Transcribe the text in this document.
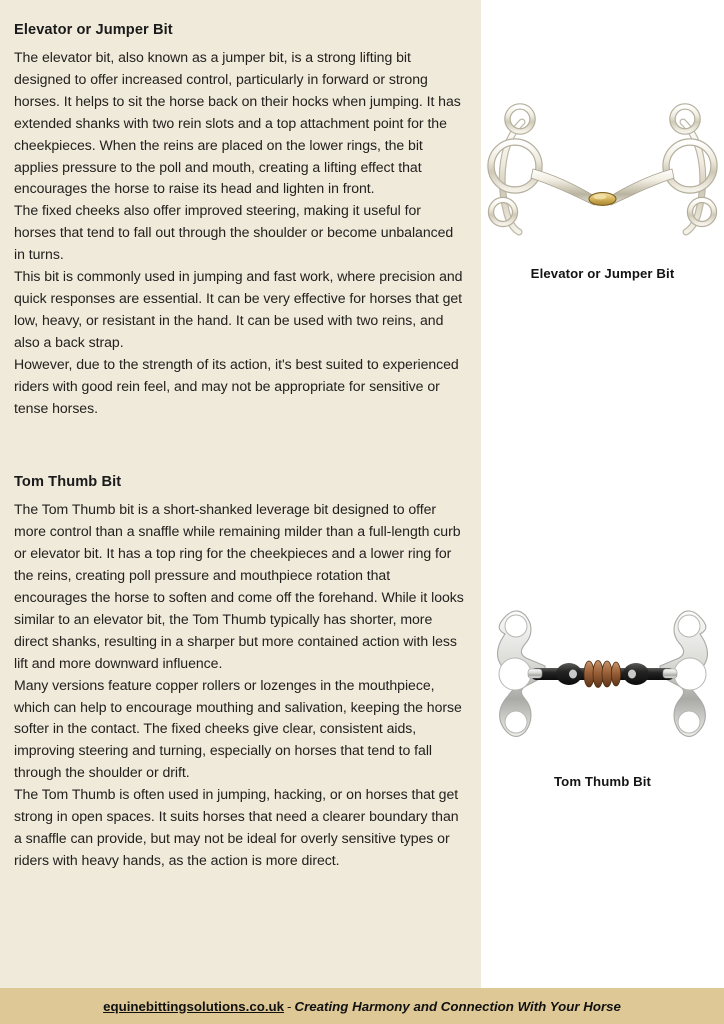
Elevator or Jumper Bit

The elevator bit, also known as a jumper bit, is a strong lifting bit designed to offer increased control, particularly in forward or strong horses. It helps to sit the horse back on their hocks when jumping. It has extended shanks with two rein slots and a top attachment point for the cheekpieces. When the reins are placed on the lower rings, the bit applies pressure to the poll and mouth, creating a lifting effect that encourages the horse to raise its head and lighten in front.

The fixed cheeks also offer improved steering, making it useful for horses that tend to fall out through the shoulder or become unbalanced in turns.

This bit is commonly used in jumping and fast work, where precision and quick responses are essential. It can be very effective for horses that get low, heavy, or resistant in the hand. It can be used with two reins, and also a back strap.

However, due to the strength of its action, it's best suited to experienced riders with good rein feel, and may not be appropriate for sensitive or tense horses.

Tom Thumb Bit

The Tom Thumb bit is a short-shanked leverage bit designed to offer more control than a snaffle while remaining milder than a full-length curb or elevator bit. It has a top ring for the cheekpieces and a lower ring for the reins, creating poll pressure and mouthpiece rotation that encourages the horse to soften and come off the forehand. While it looks similar to an elevator bit, the Tom Thumb typically has shorter, more direct shanks, resulting in a sharper but more contained action with less lift and more downward influence.

Many versions feature copper rollers or lozenges in the mouthpiece, which can help to encourage mouthing and salivation, keeping the horse softer in the contact. The fixed cheeks give clear, consistent aids, improving steering and turning, especially on horses that tend to fall through the shoulder or drift.

The Tom Thumb is often used in jumping, hacking, or on horses that get strong in open spaces. It suits horses that need a clearer boundary than a snaffle can provide, but may not be ideal for overly sensitive types or riders with heavy hands, as the action is more direct.

Elevator or Jumper Bit
Tom Thumb Bit
equinebittingsolutions.co.uk - Creating Harmony and Connection With Your Horse
